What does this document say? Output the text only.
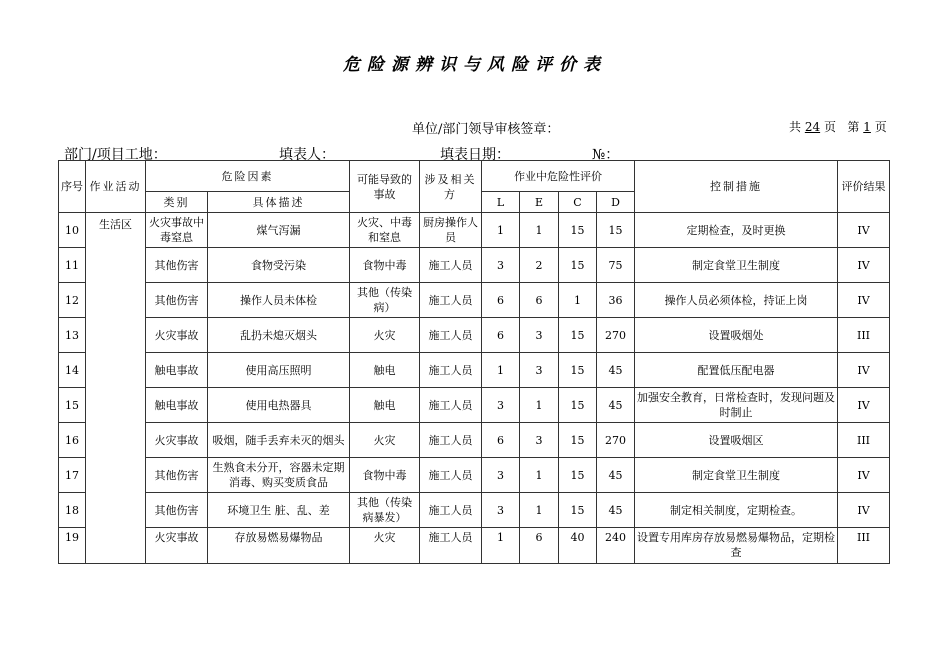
危险源辨识与风险评价表
单位/部门领导审核签章：	共 24 页 第 1 页
部门/项目工地：	填表人：	填表日期：	№：
序号	作业活动	危险因素		可能导致的事故	涉及相关方	作业中危险性评价				控制措施	评价结果
		类别	具体描述			L	E	C	D		
10	生活区	火灾事故中毒窒息	煤气泻漏	火灾、中毒和窒息	厨房操作人员	1	1	15	15	定期检查，及时更换	IV
11		其他伤害	食物受污染	食物中毒	施工人员	3	2	15	75	制定食堂卫生制度	IV
12		其他伤害	操作人员未体检	其他（传染病）	施工人员	6	6	1	36	操作人员必须体检，持证上岗	IV
13		火灾事故	乱扔未熄灭烟头	火灾	施工人员	6	3	15	270	设置吸烟处	III
14		触电事故	使用高压照明	触电	施工人员	1	3	15	45	配置低压配电器	IV
15		触电事故	使用电热器具	触电	施工人员	3	1	15	45	加强安全教育，日常检查时，发现问题及时制止	IV
16		火灾事故	吸烟，随手丢弃未灭的烟头	火灾	施工人员	6	3	15	270	设置吸烟区	III
17		其他伤害	生熟食未分开，容器未定期消毒、购买变质食品	食物中毒	施工人员	3	1	15	45	制定食堂卫生制度	IV
18		其他伤害	环境卫生 脏、乱、差	其他（传染病暴发）	施工人员	3	1	15	45	制定相关制度，定期检查。	IV
19		火灾事故	存放易燃易爆物品	火灾	施工人员	1	6	40	240	设置专用库房存放易燃易爆物品，定期检查	III
